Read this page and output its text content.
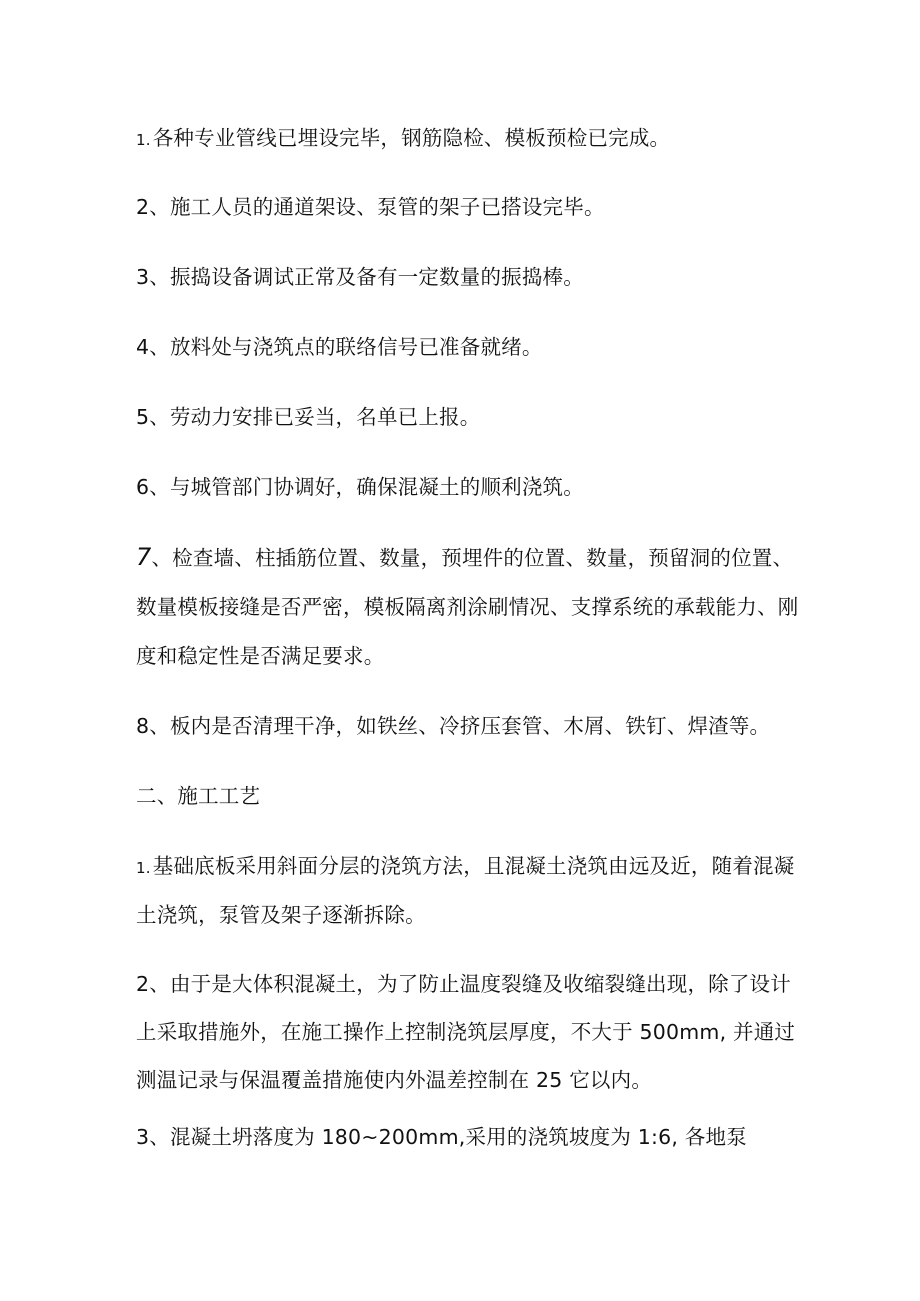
1.各种专业管线已埋设完毕，钢筋隐检、模板预检已完成。
2、施工人员的通道架设、泵管的架子已搭设完毕。
3、振捣设备调试正常及备有一定数量的振捣棒。
4、放料处与浇筑点的联络信号已准备就绪。
5、劳动力安排已妥当，名单已上报。
6、与城管部门协调好，确保混凝土的顺利浇筑。
7、检查墙、柱插筋位置、数量，预埋件的位置、数量，预留洞的位置、
数量模板接缝是否严密，模板隔离剂涂刷情况、支撑系统的承载能力、刚
度和稳定性是否满足要求。
8、板内是否清理干净，如铁丝、冷挤压套管、木屑、铁钉、焊渣等。
二、施工工艺
1.基础底板采用斜面分层的浇筑方法，且混凝土浇筑由远及近，随着混凝
土浇筑，泵管及架子逐渐拆除。
2、由于是大体积混凝土，为了防止温度裂缝及收缩裂缝出现，除了设计
上采取措施外，在施工操作上控制浇筑层厚度，不大于 500mm, 并通过
测温记录与保温覆盖措施使内外温差控制在 25 它以内。
3、混凝土坍落度为 180~200mm,采用的浇筑坡度为 1:6, 各地泵
